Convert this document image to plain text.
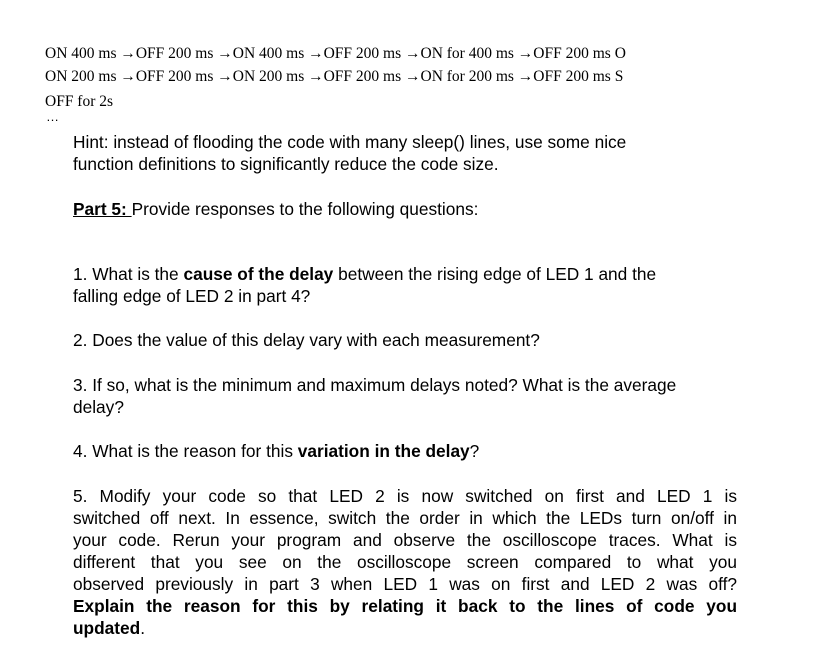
ON 400 ms →OFF 200 ms →ON 400 ms →OFF 200 ms →ON for 400 ms →OFF 200 ms O
ON 200 ms →OFF 200 ms →ON 200 ms →OFF 200 ms →ON for 200 ms →OFF 200 ms S
OFF for 2s
…
Hint: instead of flooding the code with many sleep() lines, use some nice
function definitions to significantly reduce the code size.
Part 5: Provide responses to the following questions:
1. What is the cause of the delay between the rising edge of LED 1 and the
falling edge of LED 2 in part 4?
2. Does the value of this delay vary with each measurement?
3. If so, what is the minimum and maximum delays noted? What is the average
delay?
4. What is the reason for this variation in the delay?
5. Modify your code so that LED 2 is now switched on first and LED 1 is
switched off next. In essence, switch the order in which the LEDs turn on/off in
your code. Rerun your program and observe the oscilloscope traces. What is
different that you see on the oscilloscope screen compared to what you
observed previously in part 3 when LED 1 was on first and LED 2 was off?
Explain the reason for this by relating it back to the lines of code you
updated.
